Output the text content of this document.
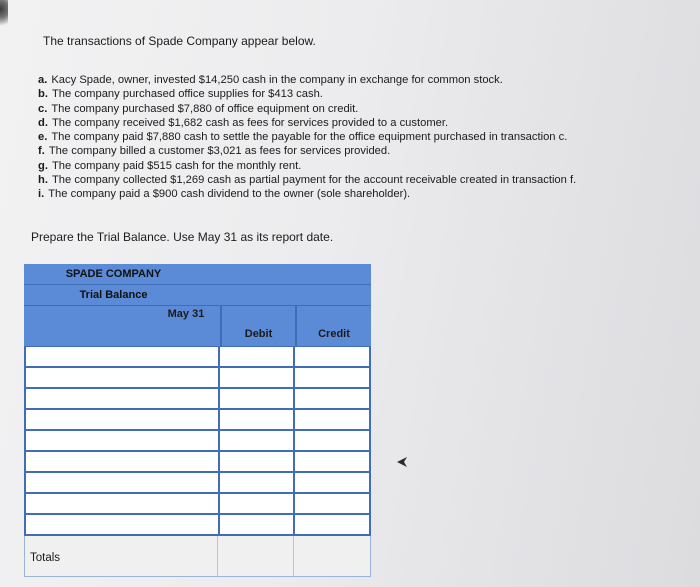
The transactions of Spade Company appear below.
a. Kacy Spade, owner, invested $14,250 cash in the company in exchange for common stock.
b. The company purchased office supplies for $413 cash.
c. The company purchased $7,880 of office equipment on credit.
d. The company received $1,682 cash as fees for services provided to a customer.
e. The company paid $7,880 cash to settle the payable for the office equipment purchased in transaction c.
f. The company billed a customer $3,021 as fees for services provided.
g. The company paid $515 cash for the monthly rent.
h. The company collected $1,269 cash as partial payment for the account receivable created in transaction f.
i. The company paid a $900 cash dividend to the owner (sole shareholder).
Prepare the Trial Balance. Use May 31 as its report date.
SPADE COMPANY
Trial Balance
May 31
Debit	Credit
Totals
